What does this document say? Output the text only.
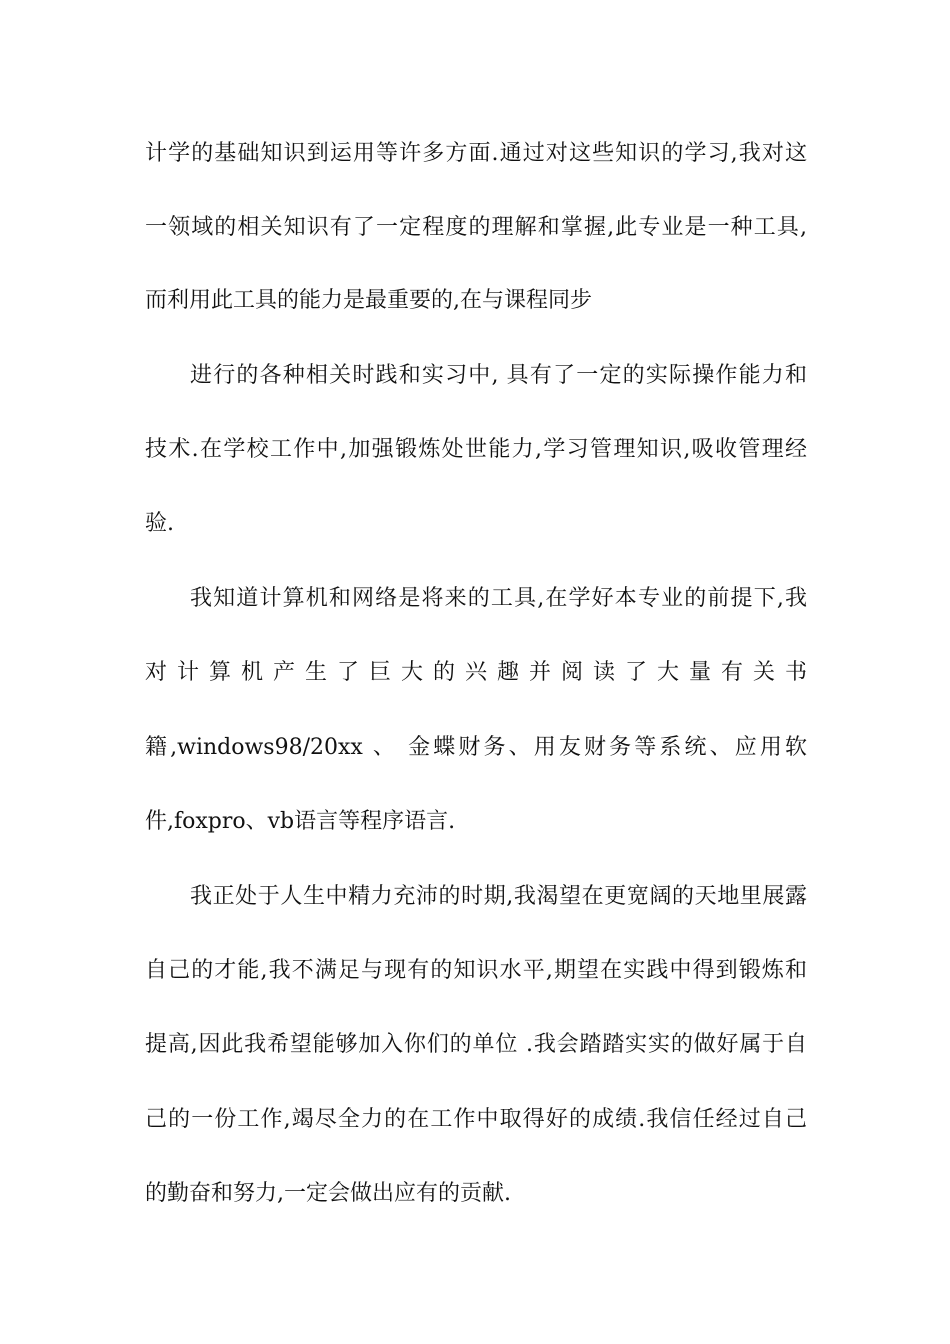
计学的基础知识到运用等许多方面.通过对这些知识的学习,我对这
一领域的相关知识有了一定程度的理解和掌握,此专业是一种工具,
而利用此工具的能力是最重要的,在与课程同步
进行的各种相关时践和实习中, 具有了一定的实际操作能力和
技术.在学校工作中,加强锻炼处世能力,学习管理知识,吸收管理经
验.
我知道计算机和网络是将来的工具,在学好本专业的前提下,我
对计算机产生了巨大的兴趣并阅读了大量有关书
籍,windows98/20xx 、 金蝶财务、用友财务等系统、应用软
件,foxpro、vb语言等程序语言.
我正处于人生中精力充沛的时期,我渴望在更宽阔的天地里展露
自己的才能,我不满足与现有的知识水平,期望在实践中得到锻炼和
提高,因此我希望能够加入你们的单位 .我会踏踏实实的做好属于自
己的一份工作,竭尽全力的在工作中取得好的成绩.我信任经过自己
的勤奋和努力,一定会做出应有的贡献.
